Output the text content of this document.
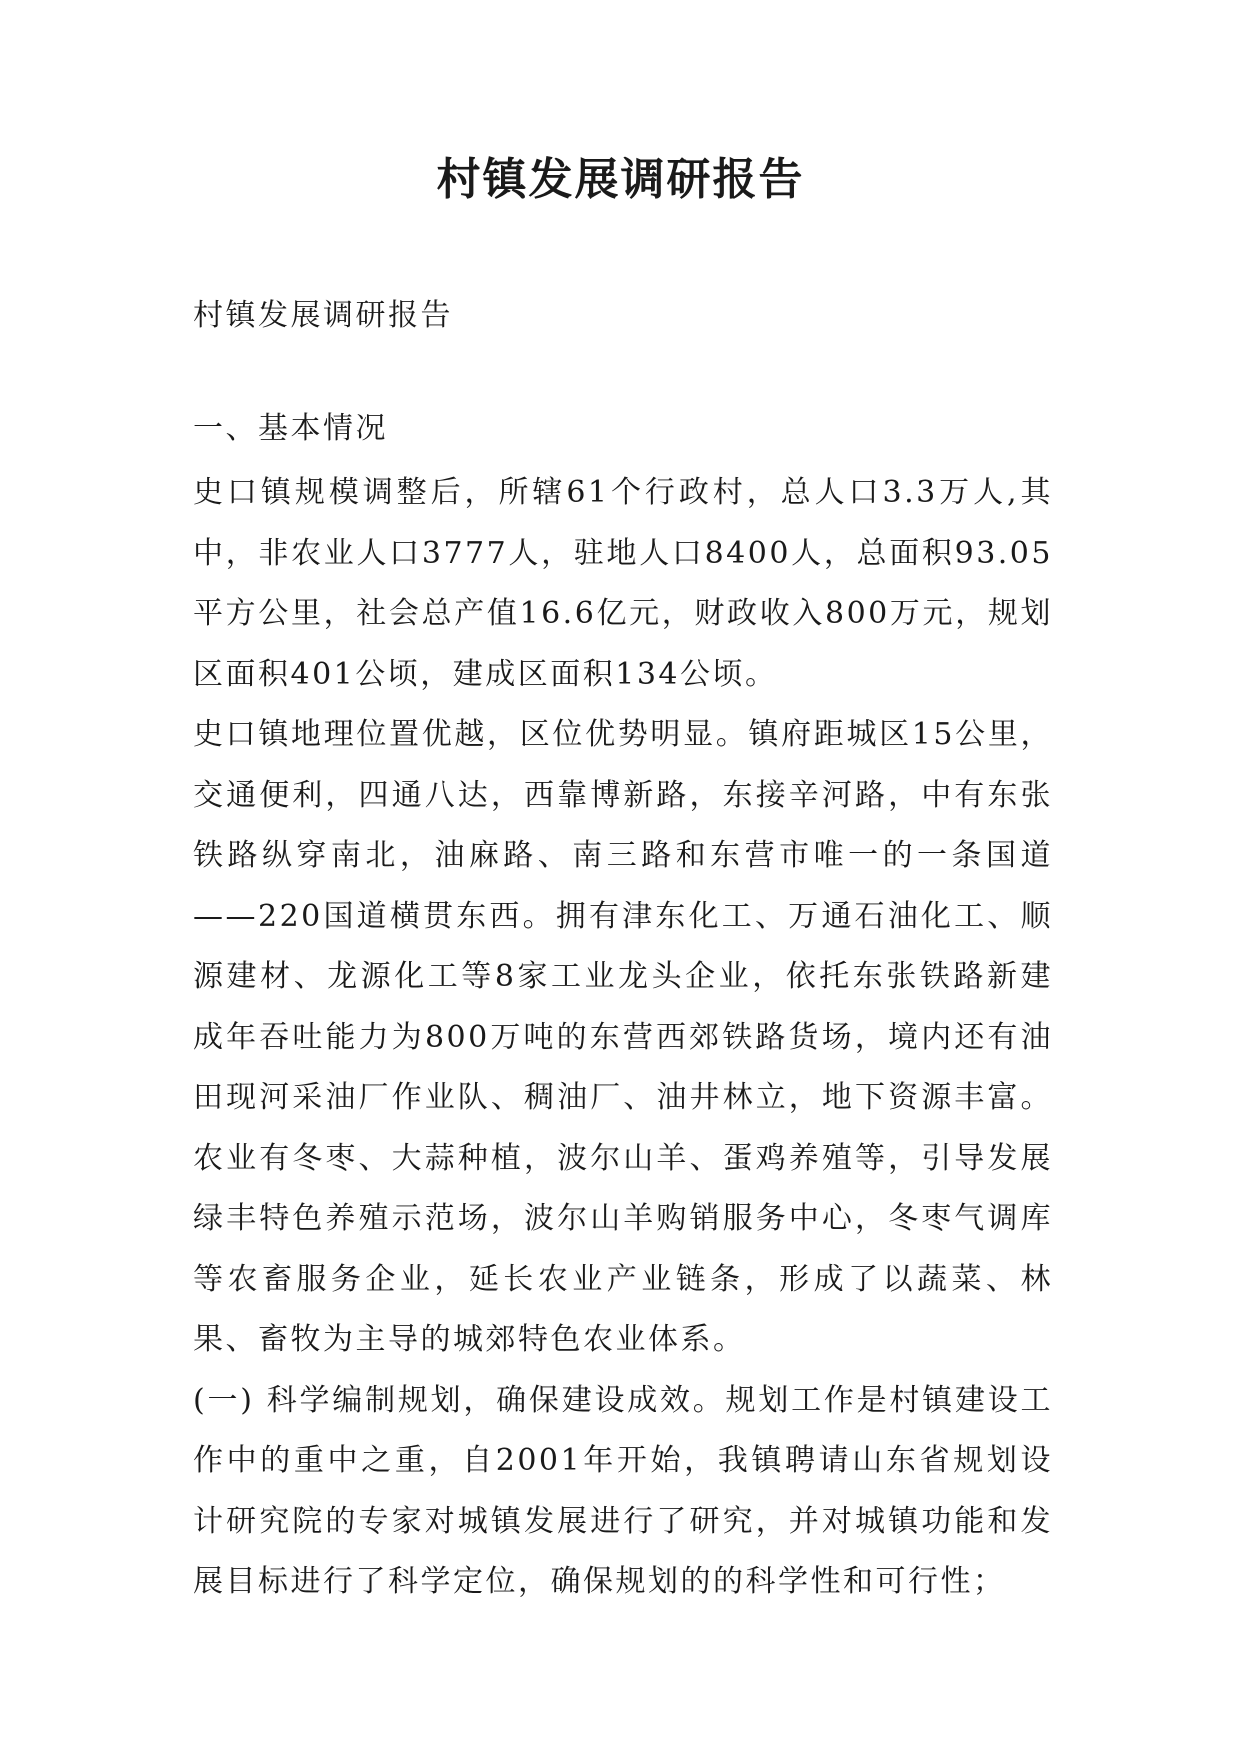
村镇发展调研报告

村镇发展调研报告

一、基本情况

史口镇规模调整后，所辖61个行政村，总人口3.3万人,其中，非农业人口3777人，驻地人口8400人，总面积93.05平方公里，社会总产值16.6亿元，财政收入800万元，规划区面积401公顷，建成区面积134公顷。

史口镇地理位置优越，区位优势明显。镇府距城区15公里，交通便利，四通八达，西靠博新路，东接辛河路，中有东张铁路纵穿南北，油麻路、南三路和东营市唯一的一条国道——220国道横贯东西。拥有津东化工、万通石油化工、顺源建材、龙源化工等8家工业龙头企业，依托东张铁路新建成年吞吐能力为800万吨的东营西郊铁路货场，境内还有油田现河采油厂作业队、稠油厂、油井林立，地下资源丰富。农业有冬枣、大蒜种植，波尔山羊、蛋鸡养殖等，引导发展绿丰特色养殖示范场，波尔山羊购销服务中心，冬枣气调库等农畜服务企业，延长农业产业链条，形成了以蔬菜、林果、畜牧为主导的城郊特色农业体系。

(一) 科学编制规划，确保建设成效。规划工作是村镇建设工作中的重中之重，自2001年开始，我镇聘请山东省规划设计研究院的专家对城镇发展进行了研究，并对城镇功能和发展目标进行了科学定位，确保规划的的科学性和可行性；
